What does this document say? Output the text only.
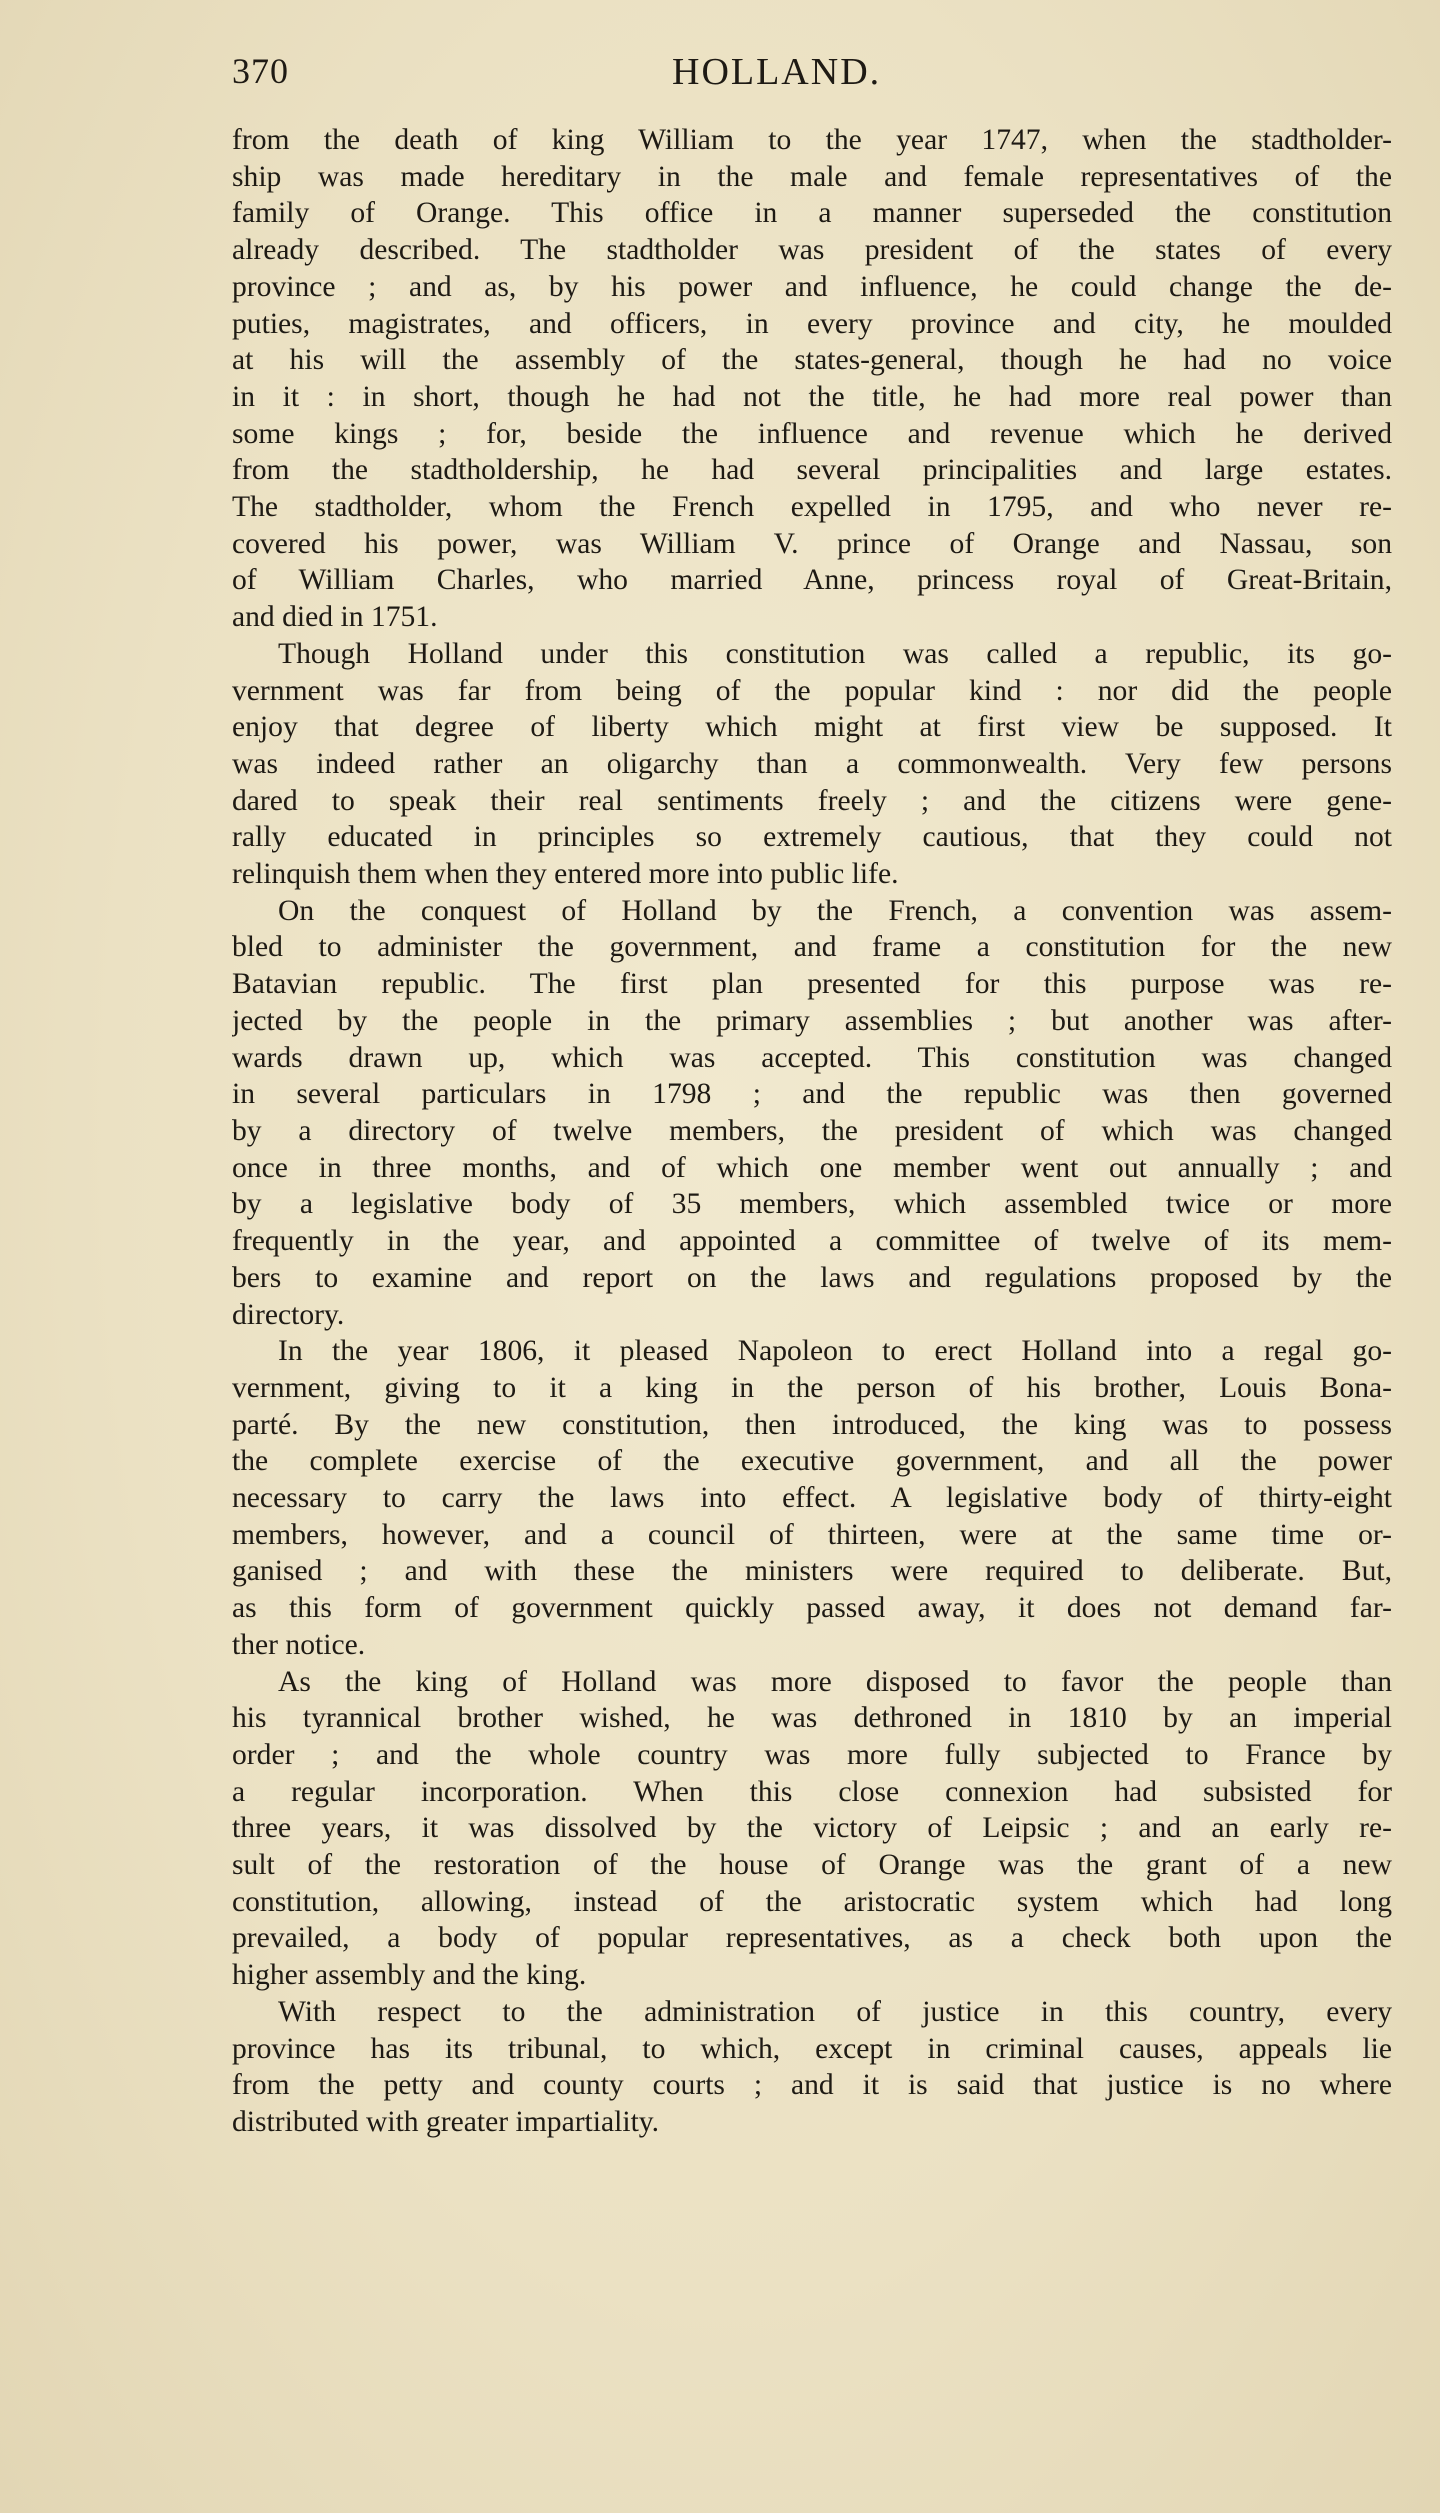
370	HOLLAND.

from the death of king William to the year 1747, when the stadtholder-
ship was made hereditary in the male and female representatives of the
family of Orange. This office in a manner superseded the constitution
already described. The stadtholder was president of the states of every
province ; and as, by his power and influence, he could change the de-
puties, magistrates, and officers, in every province and city, he moulded
at his will the assembly of the states-general, though he had no voice
in it : in short, though he had not the title, he had more real power than
some kings ; for, beside the influence and revenue which he derived
from the stadtholdership, he had several principalities and large estates.
The stadtholder, whom the French expelled in 1795, and who never re-
covered his power, was William V. prince of Orange and Nassau, son
of William Charles, who married Anne, princess royal of Great-Britain,
and died in 1751.

Though Holland under this constitution was called a republic, its go-
vernment was far from being of the popular kind : nor did the people
enjoy that degree of liberty which might at first view be supposed. It
was indeed rather an oligarchy than a commonwealth. Very few persons
dared to speak their real sentiments freely ; and the citizens were gene-
rally educated in principles so extremely cautious, that they could not
relinquish them when they entered more into public life.

On the conquest of Holland by the French, a convention was assem-
bled to administer the government, and frame a constitution for the new
Batavian republic. The first plan presented for this purpose was re-
jected by the people in the primary assemblies ; but another was after-
wards drawn up, which was accepted. This constitution was changed
in several particulars in 1798 ; and the republic was then governed
by a directory of twelve members, the president of which was changed
once in three months, and of which one member went out annually ; and
by a legislative body of 35 members, which assembled twice or more
frequently in the year, and appointed a committee of twelve of its mem-
bers to examine and report on the laws and regulations proposed by the
directory.

In the year 1806, it pleased Napoleon to erect Holland into a regal go-
vernment, giving to it a king in the person of his brother, Louis Bona-
parté. By the new constitution, then introduced, the king was to possess
the complete exercise of the executive government, and all the power
necessary to carry the laws into effect. A legislative body of thirty-eight
members, however, and a council of thirteen, were at the same time or-
ganised ; and with these the ministers were required to deliberate. But,
as this form of government quickly passed away, it does not demand far-
ther notice.

As the king of Holland was more disposed to favor the people than
his tyrannical brother wished, he was dethroned in 1810 by an imperial
order ; and the whole country was more fully subjected to France by
a regular incorporation. When this close connexion had subsisted for
three years, it was dissolved by the victory of Leipsic ; and an early re-
sult of the restoration of the house of Orange was the grant of a new
constitution, allowing, instead of the aristocratic system which had long
prevailed, a body of popular representatives, as a check both upon the
higher assembly and the king.

With respect to the administration of justice in this country, every
province has its tribunal, to which, except in criminal causes, appeals lie
from the petty and county courts ; and it is said that justice is no where
distributed with greater impartiality.
